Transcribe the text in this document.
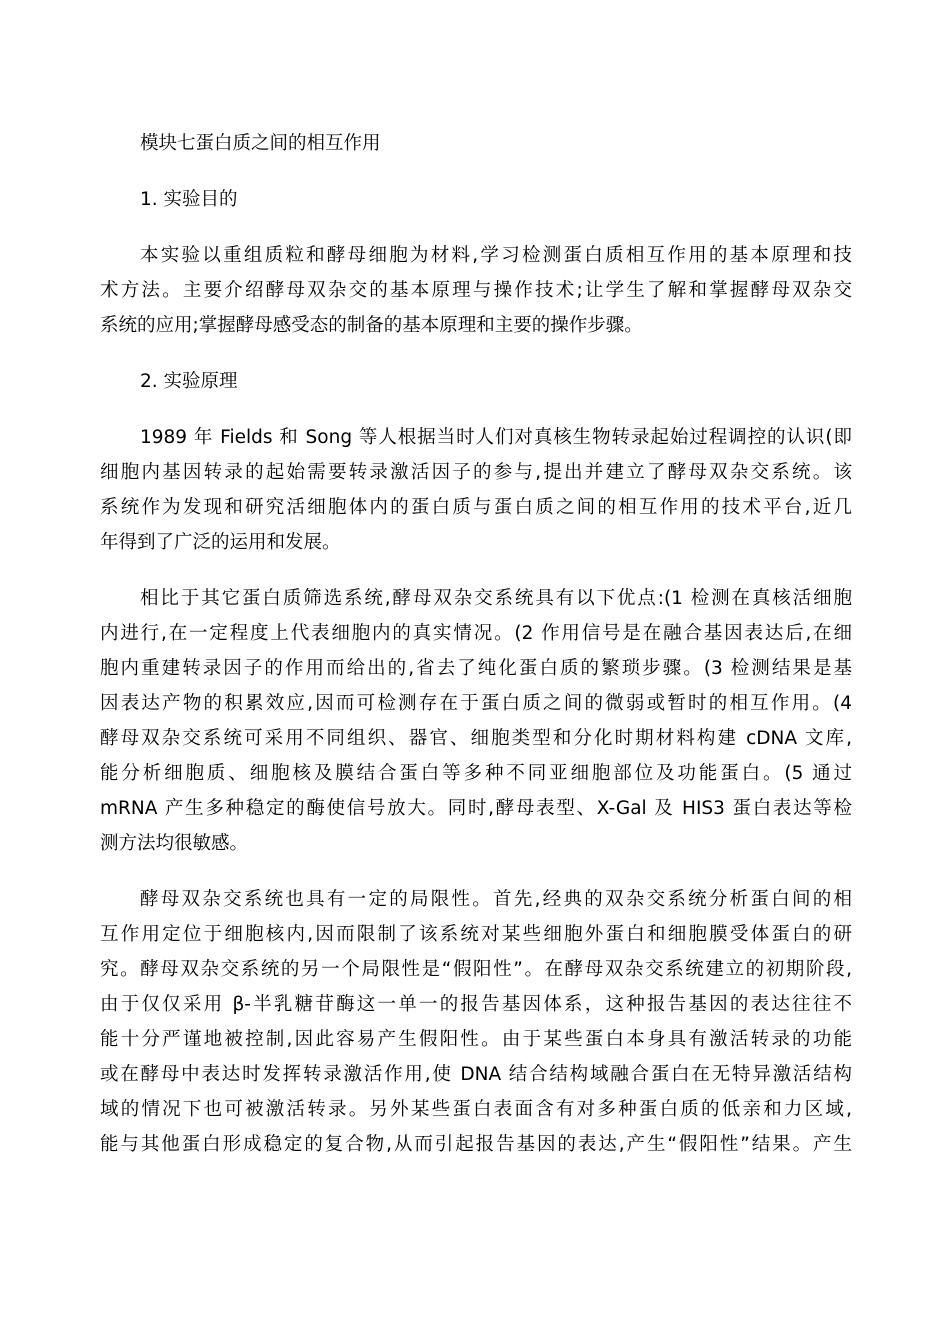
模块七蛋白质之间的相互作用
1. 实验目的
本实验以重组质粒和酵母细胞为材料,学习检测蛋白质相互作用的基本原理和技
术方法。主要介绍酵母双杂交的基本原理与操作技术;让学生了解和掌握酵母双杂交
系统的应用;掌握酵母感受态的制备的基本原理和主要的操作步骤。
2. 实验原理
1989 年 Fields 和 Song 等人根据当时人们对真核生物转录起始过程调控的认识(即
细胞内基因转录的起始需要转录激活因子的参与,提出并建立了酵母双杂交系统。该
系统作为发现和研究活细胞体内的蛋白质与蛋白质之间的相互作用的技术平台,近几
年得到了广泛的运用和发展。
相比于其它蛋白质筛选系统,酵母双杂交系统具有以下优点:(1 检测在真核活细胞
内进行,在一定程度上代表细胞内的真实情况。(2 作用信号是在融合基因表达后,在细
胞内重建转录因子的作用而给出的,省去了纯化蛋白质的繁琐步骤。(3 检测结果是基
因表达产物的积累效应,因而可检测存在于蛋白质之间的微弱或暂时的相互作用。(4
酵母双杂交系统可采用不同组织、器官、细胞类型和分化时期材料构建 cDNA 文库,
能分析细胞质、细胞核及膜结合蛋白等多种不同亚细胞部位及功能蛋白。(5 通过
mRNA 产生多种稳定的酶使信号放大。同时,酵母表型、X-Gal 及 HIS3 蛋白表达等检
测方法均很敏感。
酵母双杂交系统也具有一定的局限性。首先,经典的双杂交系统分析蛋白间的相
互作用定位于细胞核内,因而限制了该系统对某些细胞外蛋白和细胞膜受体蛋白的研
究。酵母双杂交系统的另一个局限性是“假阳性”。在酵母双杂交系统建立的初期阶段,
由于仅仅采用 β-半乳糖苷酶这一单一的报告基因体系，这种报告基因的表达往往不
能十分严谨地被控制,因此容易产生假阳性。由于某些蛋白本身具有激活转录的功能
或在酵母中表达时发挥转录激活作用,使 DNA 结合结构域融合蛋白在无特异激活结构
域的情况下也可被激活转录。另外某些蛋白表面含有对多种蛋白质的低亲和力区域,
能与其他蛋白形成稳定的复合物,从而引起报告基因的表达,产生“假阳性”结果。产生
